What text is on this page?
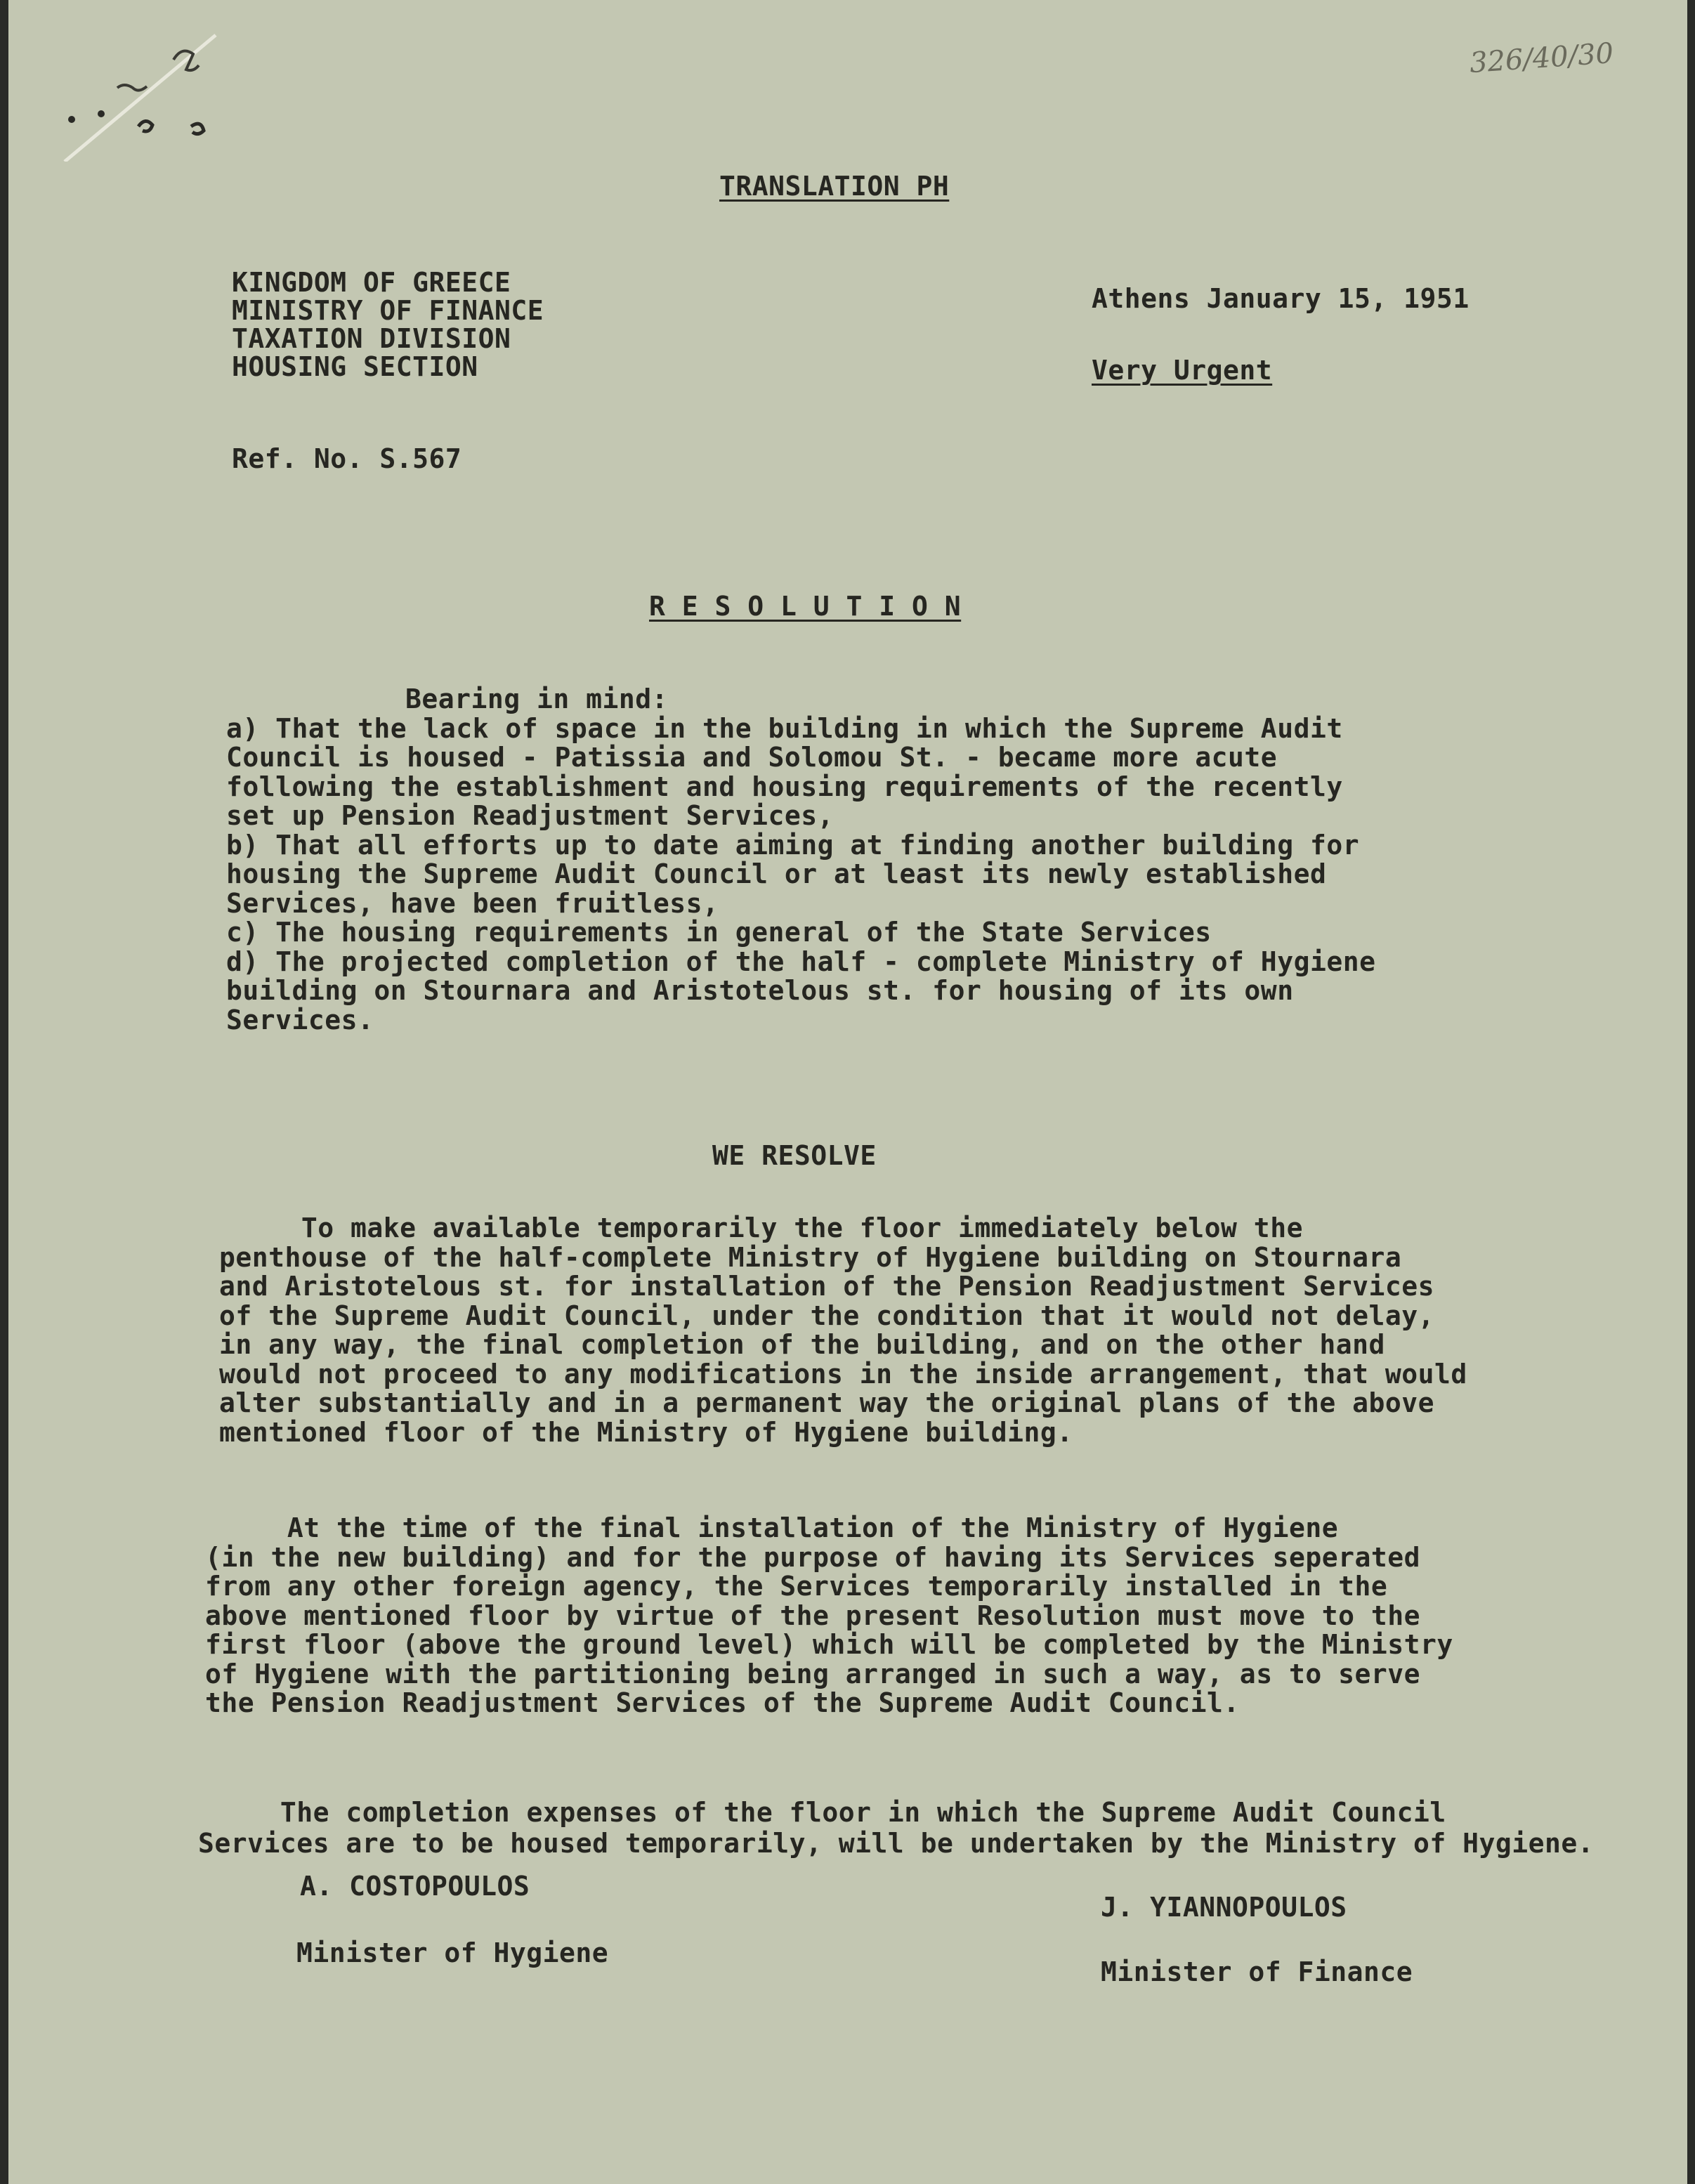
326/40/30
TRANSLATION PH
KINGDOM OF GREECE
MINISTRY OF FINANCE
TAXATION DIVISION
HOUSING SECTION
Athens January 15, 1951
Very Urgent
Ref. No. S.567
R E S O L U T I O N
Bearing in mind:
a) That the lack of space in the building in which the Supreme Audit
Council is housed - Patissia and Solomou St. - became more acute
following the establishment and housing requirements of the recently
set up Pension Readjustment Services,
b) That all efforts up to date aiming at finding another building for
housing the Supreme Audit Council or at least its newly established
Services, have been fruitless,
c) The housing requirements in general of the State Services
d) The projected completion of the half - complete Ministry of Hygiene
building on Stournara and Aristotelous st. for housing of its own
Services.
WE RESOLVE
To make available temporarily the floor immediately below the
penthouse of the half-complete Ministry of Hygiene building on Stournara
and Aristotelous st. for installation of the Pension Readjustment Services
of the Supreme Audit Council, under the condition that it would not delay,
in any way, the final completion of the building, and on the other hand
would not proceed to any modifications in the inside arrangement, that would
alter substantially and in a permanent way the original plans of the above
mentioned floor of the Ministry of Hygiene building.
At the time of the final installation of the Ministry of Hygiene
(in the new building) and for the purpose of having its Services seperated
from any other foreign agency, the Services temporarily installed in the
above mentioned floor by virtue of the present Resolution must move to the
first floor (above the ground level) which will be completed by the Ministry
of Hygiene with the partitioning being arranged in such a way, as to serve
the Pension Readjustment Services of the Supreme Audit Council.
The completion expenses of the floor in which the Supreme Audit Council
Services are to be housed temporarily, will be undertaken by the Ministry of Hygiene.
A. COSTOPOULOS
Minister of Hygiene
J. YIANNOPOULOS
Minister of Finance
